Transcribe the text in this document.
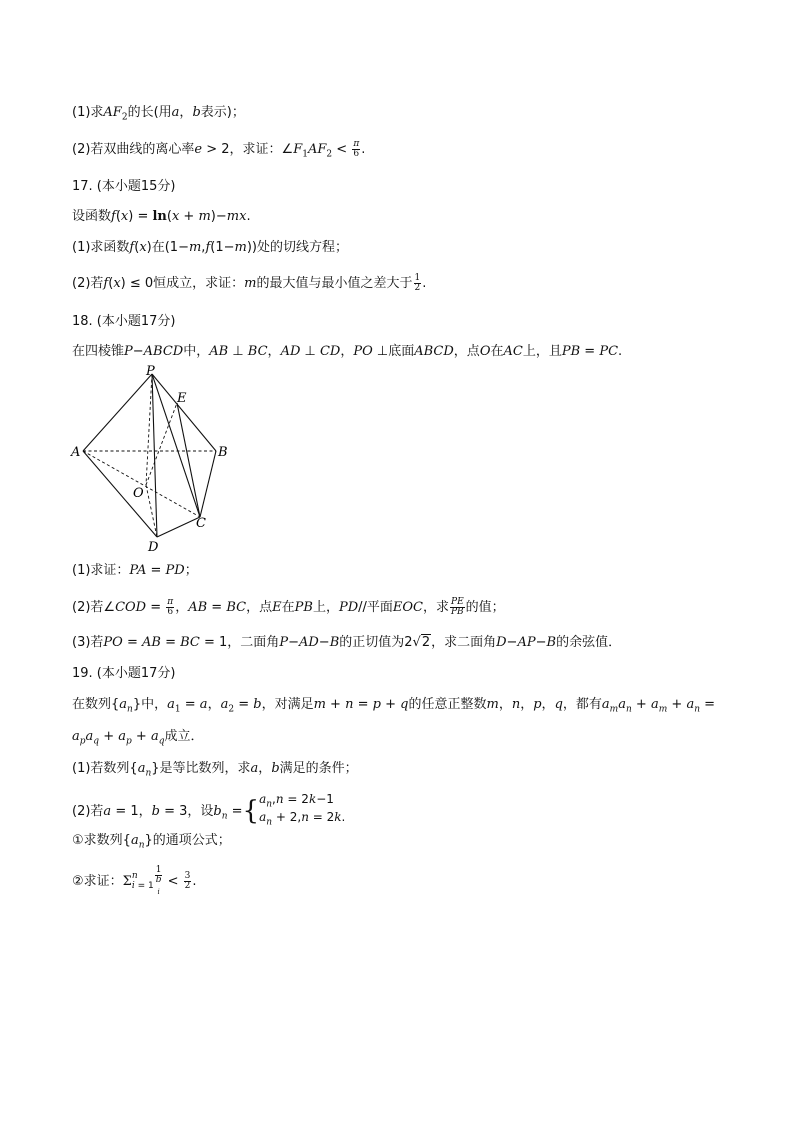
(1)求$AF_2$的长(用a，b表示)；
(2)若双曲线的离心率e > 2，求证：$\angle F_1AF_2 < \frac{\pi}{6}$ .
17. (本小题15分)
设函数f(x) = ln(x + m)−mx.
(1)求函数f(x)在(1−m,f(1−m))处的切线方程；
(2)若f(x) ≤ 0恒成立，求证：m的最大值与最小值之差大于 $\frac{1}{2}$ .
18. (本小题17分)
在四棱锥P−ABCD中，AB ⊥ BC，AD ⊥ CD，PO ⊥底面ABCD，点O在AC上，且PB = PC.
P
E
A	B
O
C
D
(1)求证：PA = PD；
(2)若∠COD = $\frac{\pi}{6}$ ，AB = BC，点E在PB上，PD//平面EOC，求 $\frac{PE}{PB}$ 的值；
(3)若PO = AB = BC = 1，二面角P−AD−B的正切值为2√2，求二面角D−AP−B的余弦值．
19. (本小题17分)
在数列$\{a_n\}$中，$a_1 = a$，$a_2 = b$，对满足m + n = p + q的任意正整数m，n，p，q，都有$a_ma_n + a_m + a_n$ =
$a_pa_q + a_p + a_q$成立．
(1)若数列$\{a_n\}$是等比数列，求a，b满足的条件；
(2)若a = 1，b = 3，设$b_n$ ={ $a_n,n = 2k-1$
$a_n + 2,n = 2k$.
①求数列$\{a_n\}$的通项公式；
②求证：Σ n
i = 1 1
b
$_i < \frac{3}{2}$ .
